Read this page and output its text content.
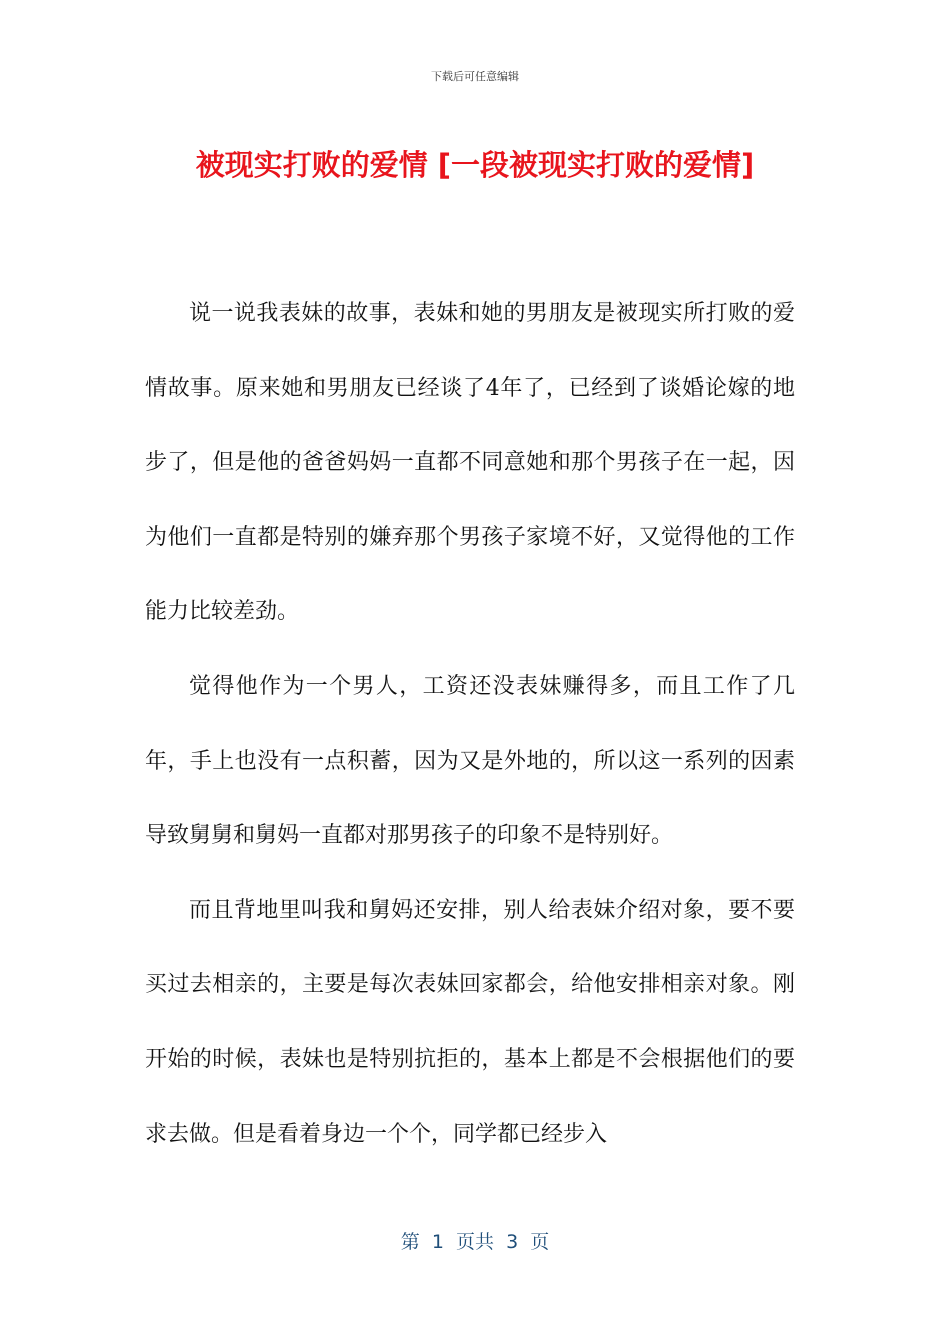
下载后可任意编辑
被现实打败的爱情 [一段被现实打败的爱情]

说一说我表妹的故事，表妹和她的男朋友是被现实所打败的爱情故事。原来她和男朋友已经谈了4年了，已经到了谈婚论嫁的地步了，但是他的爸爸妈妈一直都不同意她和那个男孩子在一起，因为他们一直都是特别的嫌弃那个男孩子家境不好，又觉得他的工作能力比较差劲。

觉得他作为一个男人，工资还没表妹赚得多，而且工作了几年，手上也没有一点积蓄，因为又是外地的，所以这一系列的因素导致舅舅和舅妈一直都对那男孩子的印象不是特别好。

而且背地里叫我和舅妈还安排，别人给表妹介绍对象，要不要买过去相亲的，主要是每次表妹回家都会，给他安排相亲对象。刚开始的时候，表妹也是特别抗拒的，基本上都是不会根据他们的要求去做。但是看着身边一个个，同学都已经步入

第  1  页共  3  页
